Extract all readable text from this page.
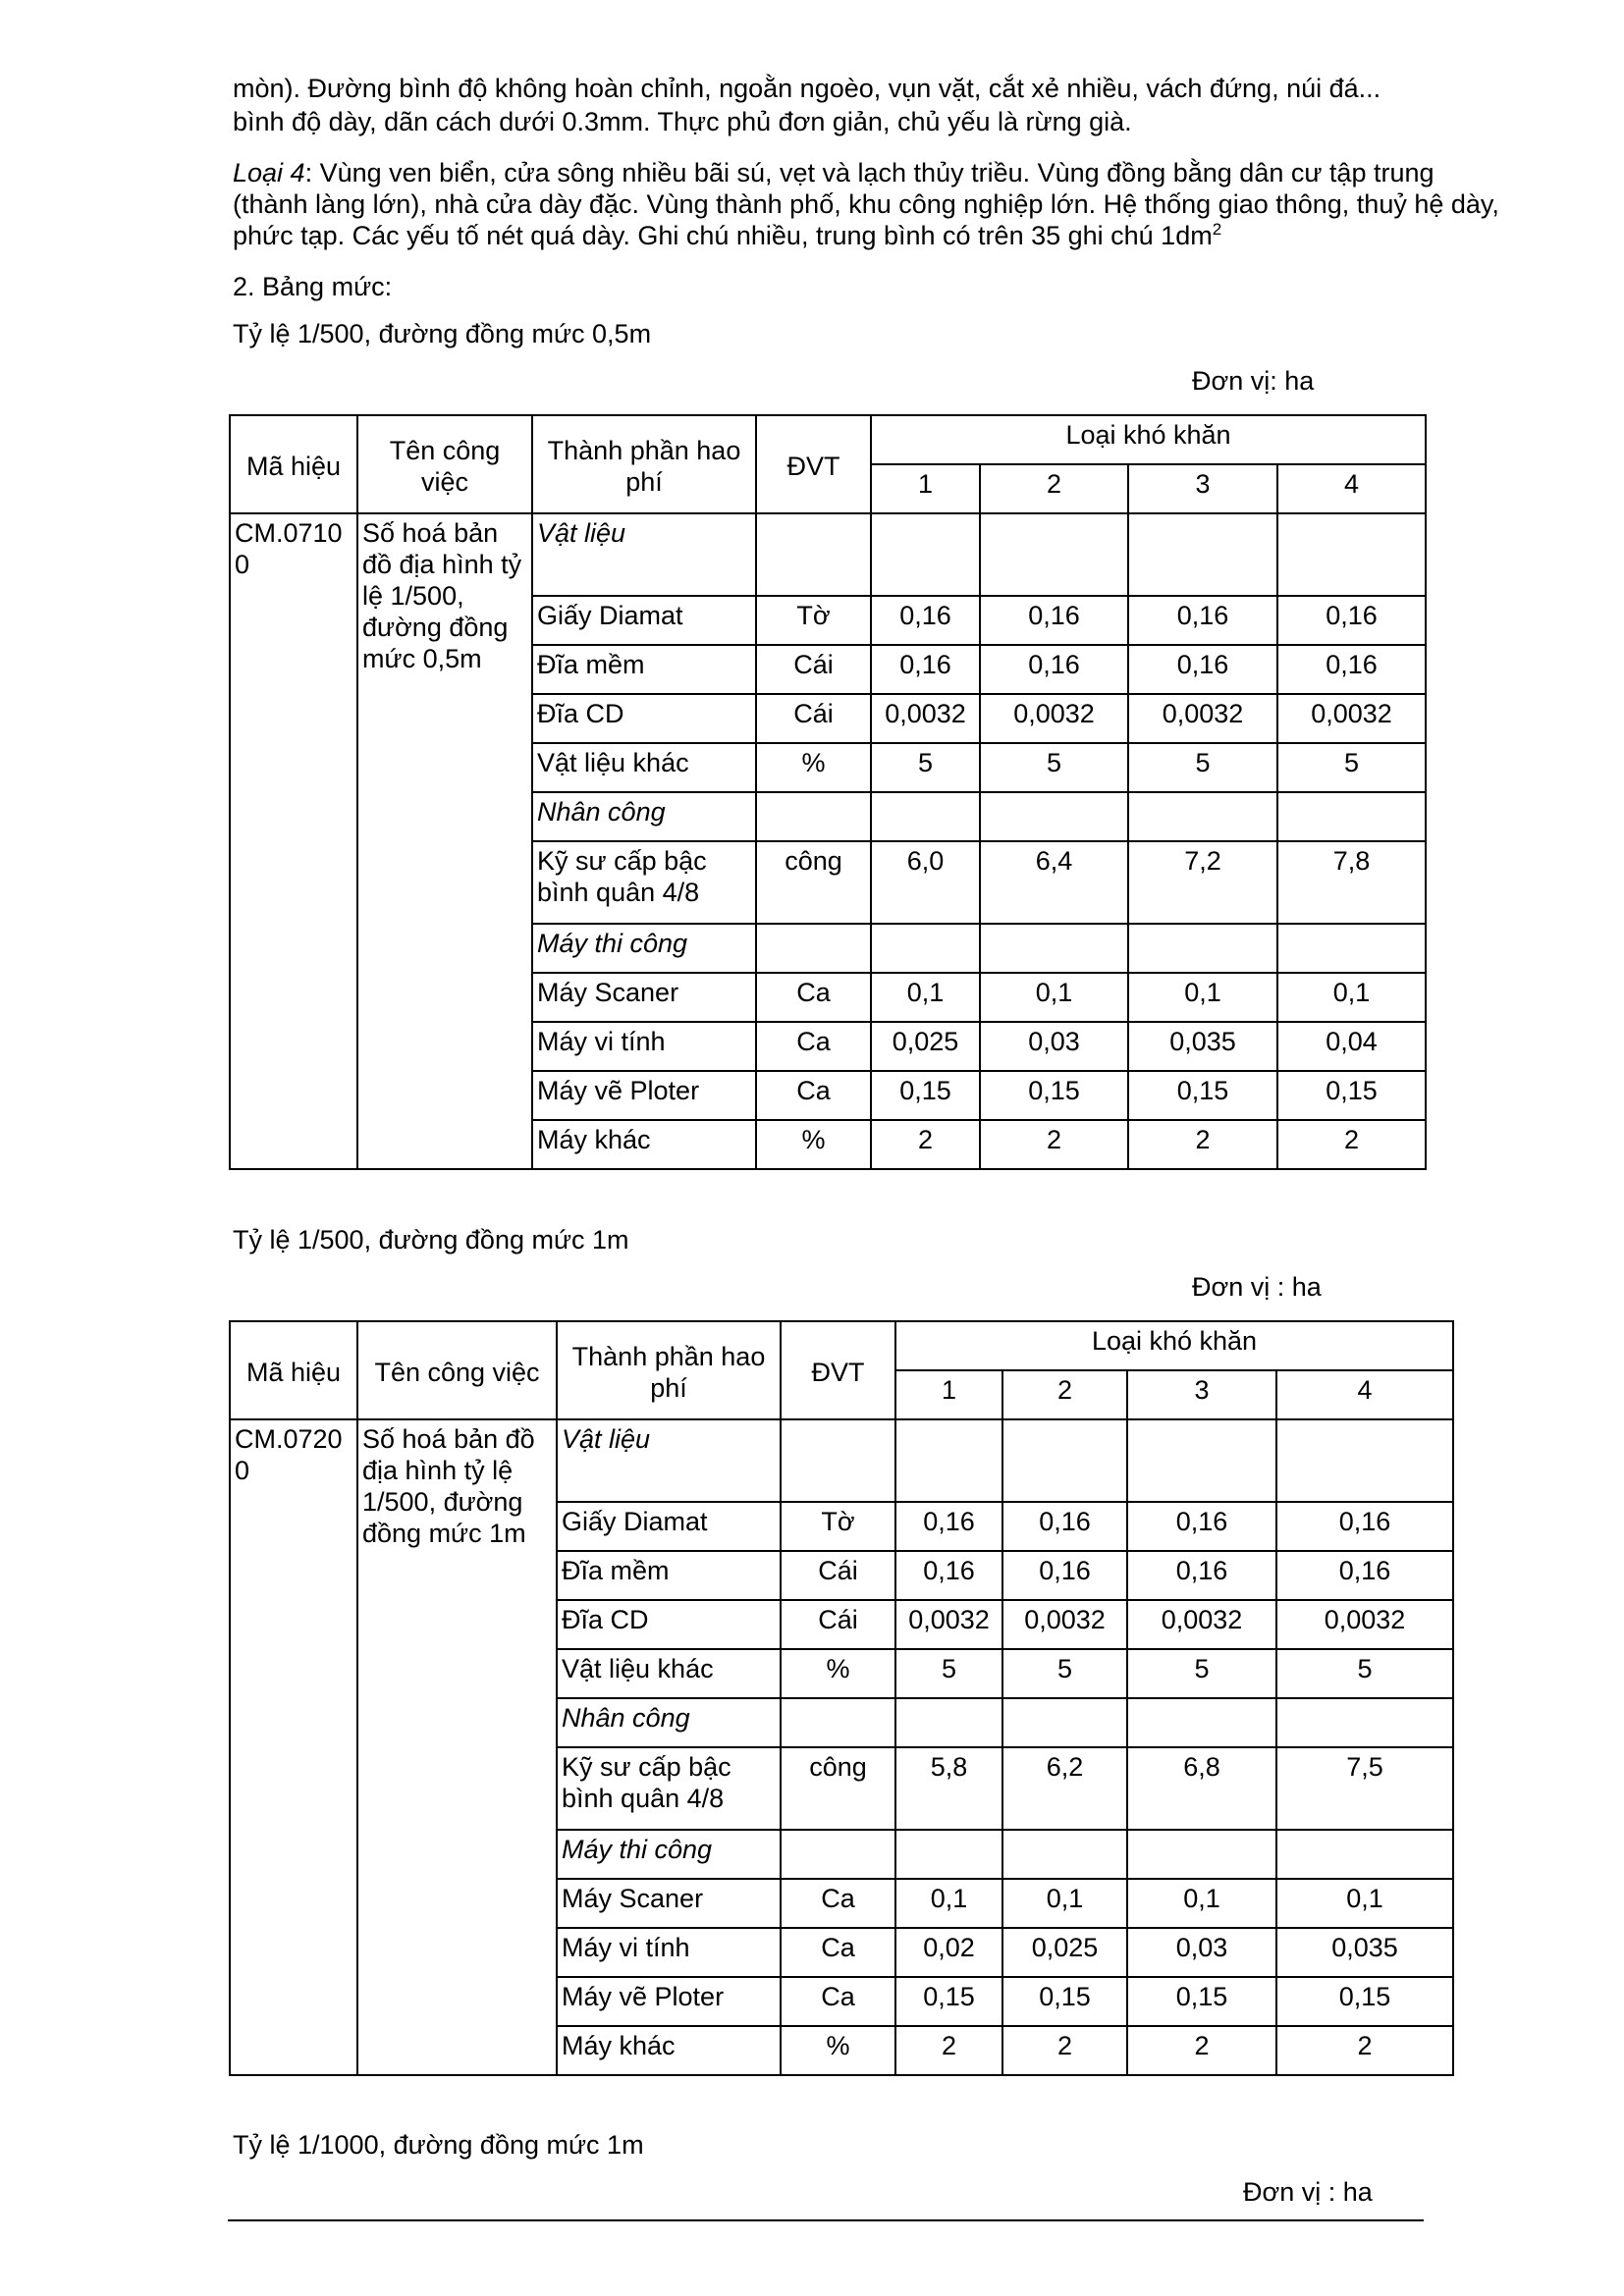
mòn). Đường bình độ không hoàn chỉnh, ngoằn ngoèo, vụn vặt, cắt xẻ nhiều, vách đứng, núi đá...

bình độ dày, dãn cách dưới 0.3mm. Thực phủ đơn giản, chủ yếu là rừng già.

Loại 4: Vùng ven biển, cửa sông nhiều bãi sú, vẹt và lạch thủy triều. Vùng đồng bằng dân cư tập trung (thành làng lớn), nhà cửa dày đặc. Vùng thành phố, khu công nghiệp lớn. Hệ thống giao thông, thuỷ hệ dày, phức tạp. Các yếu tố nét quá dày. Ghi chú nhiều, trung bình có trên 35 ghi chú $1dm^2$

2. Bảng mức:

Tỷ lệ 1/500, đường đồng mức 0,5m

Đơn vị: ha

Mã hiệu	Tên công việc	Thành phần hao phí	ĐVT	Loại khó khăn			
				1	2	3	4
CM.07100	Số hoá bản đồ địa hình tỷ lệ 1/500, đường đồng mức 0,5m	Vật liệu					
		Giấy Diamat	Tờ	0,16	0,16	0,16	0,16
		Đĩa mềm	Cái	0,16	0,16	0,16	0,16
		Đĩa CD	Cái	0,0032	0,0032	0,0032	0,0032
		Vật liệu khác	%	5	5	5	5
		Nhân công					
		Kỹ sư cấp bậc bình quân 4/8	công	6,0	6,4	7,2	7,8
		Máy thi công					
		Máy Scaner	Ca	0,1	0,1	0,1	0,1
		Máy vi tính	Ca	0,025	0,03	0,035	0,04
		Máy vẽ Ploter	Ca	0,15	0,15	0,15	0,15
		Máy khác	%	2	2	2	2

Tỷ lệ 1/500, đường đồng mức 1m

Đơn vị : ha

Mã hiệu	Tên công việc	Thành phần hao phí	ĐVT	Loại khó khăn			
				1	2	3	4
CM.07200	Số hoá bản đồ địa hình tỷ lệ 1/500, đường đồng mức 1m	Vật liệu					
		Giấy Diamat	Tờ	0,16	0,16	0,16	0,16
		Đĩa mềm	Cái	0,16	0,16	0,16	0,16
		Đĩa CD	Cái	0,0032	0,0032	0,0032	0,0032
		Vật liệu khác	%	5	5	5	5
		Nhân công					
		Kỹ sư cấp bậc bình quân 4/8	công	5,8	6,2	6,8	7,5
		Máy thi công					
		Máy Scaner	Ca	0,1	0,1	0,1	0,1
		Máy vi tính	Ca	0,02	0,025	0,03	0,035
		Máy vẽ Ploter	Ca	0,15	0,15	0,15	0,15
		Máy khác	%	2	2	2	2

Tỷ lệ 1/1000, đường đồng mức 1m

Đơn vị : ha
